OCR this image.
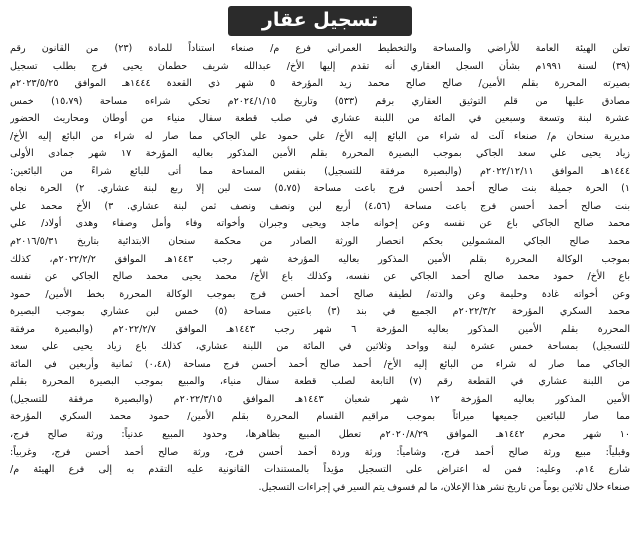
تسجيل عقار
تعلن الهيئة العامة للأراضي والمساحة والتخطيط العمراني فرع م/ صنعاء استناداً للمادة (٢٣) من القانون رقم
(٣٩) لسنة ١٩٩١م بشأن السجل العقاري أنه تقدم إليها الأخ/ عبدالله شريف حطمان يحيى فرج بطلب تسجيل
بصيرته المحررة بقلم الأمين/ صالح صالح محمد زيد المؤرخة ٥ شهر ذي القعدة ١٤٤٤هـ الموافق ٢٠٢٣/٥/٢٥م
مصادق عليها من قلم التوثيق العقاري برقم (٥٣٣) وتاريخ ٢٠٢٤/١/١٥م تحكي شراءه مساحة (١٥،٧٩) خمس
عشرة لبنة وتسعة وسبعين في المائة من اللبنة عشاري في صلب قطعة سفال منياء من أوطان ومحاريث الحضور
مديرية سنحان م/ صنعاء آلت له شراء من البائع إليه الأخ/ علي حمود علي الجاكي مما صار له شراء من البائع إليه الأخ/
زياد يحيى علي سعد الجاكي بموجب البصيرة المحررة بقلم الأمين المذكور بعاليه المؤرخة ١٧ شهر جمادى الأولى
١٤٤٤هـ الموافق ٢٠٢٢/١٢/١١م (والبصيرة مرفقة للتسجيل) بنفس المساحة مما أتى للبائع شراءً من البائعين:
١) الحرة جميلة بنت صالح أحمد أحسن فرج باعت مساحة (٥،٧٥) ست لبن إلا ربع لبنة عشاري. ٢) الحرة نجاة
بنت صالح أحمد أحسن فرج باعت مساحة (٤،٥٦) أربع لبن ونصف ونصف ثمن لبنة عشاري. ٣) الأخ محمد علي
محمد صالح الجاكي باع عن نفسه وعن إخوانه ماجد ويحيى وجبران وأخواته وفاء وأمل وصفاء وهدى أولاد/ علي
محمد صالح الجاكي المشمولين بحكم انحصار الورثة الصادر من محكمة سنحان الابتدائية بتاريخ ٢٠١٦/٥/٣١م
بموجب الوكالة المحررة بقلم الأمين المذكور بعاليه المؤرخة شهر رجب ١٤٤٣هـ الموافق ٢٠٢٢/٢/٢م، كذلك
باع الأخ/ حمود محمد صالح أحمد الجاكي عن نفسه، وكذلك باع الأخ/ محمد يحيى محمد صالح الجاكي عن نفسه
وعن أخواته غادة وحليمة وعن والدته/ لطيفة صالح أحمد أحسن فرج بموجب الوكالة المحررة بخط الأمين/ حمود
محمد السكري المؤرخة ٢٠٢٢/٣/٢م الجميع في بند (٣) باعتين مساحة (٥) خمس لبن عشاري بموجب البصيرة
المحررة بقلم الأمين المذكور بعاليه المؤرخة ٦ شهر رجب ١٤٤٣هـ الموافق ٢٠٢٢/٢/٧م (والبصيرة مرفقة
للتسجيل) بمساحة خمس عشرة لبنة وواحد وثلاثين في المائة من اللبنة عشاري، كذلك باع زياد يحيى علي سعد
الجاكي مما صار له شراء من البائع إليه الأخ/ أحمد صالح أحمد أحسن فرج مساحة (٠،٤٨) ثمانية وأربعين في المائة
من اللبنة عشاري في القطعة رقم (٧) التابعة لصلب قطعة سفال منياء، والمبيع بموجب البصيرة المحررة بقلم
الأمين المذكور بعاليه المؤرخة ١٢ شهر شعبان ١٤٤٣هـ الموافق ٢٠٢٢/٣/١٥م (والبصيرة مرفقة للتسجيل)
مما صار للبائعين جميعها ميراثاً بموجب مراقيم القسام المحررة بقلم الأمين/ حمود محمد السكري المؤرخة
١٠ شهر محرم ١٤٤٢هـ الموافق ٢٠٢٠/٨/٢٩م تعطل المبيع بظاهرها، وحدود المبيع عدنياً: ورثة صالح فرج،
وقبلياً: مبيع ورثة صالح أحمد فرج، وشامياً: ورثة وردة أحمد أحسن فرج، ورثة صالح أحمد أحسن فرج، وغربياً:
شارع ١٤م. وعليه: فمن له اعتراض على التسجيل مؤيداً بالمستندات القانونية عليه التقدم به إلى فرع الهيئة م/
صنعاء خلال ثلاثين يوماً من تاريخ نشر هذا الإعلان، ما لم فسوف يتم السير في إجراءات التسجيل.
